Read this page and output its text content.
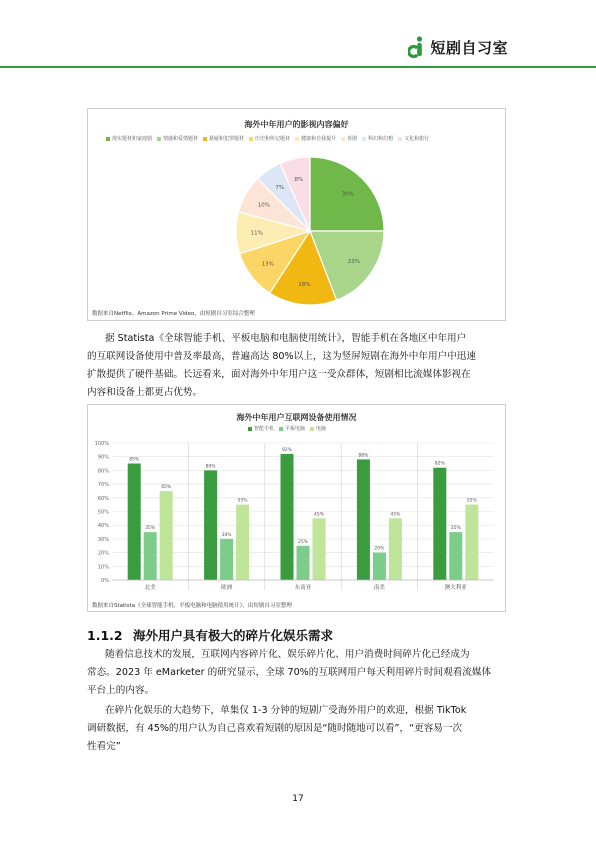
短剧自习室
海外中年用户的影视内容偏好
现实题材和家庭剧 情感和爱情题材 悬疑和犯罪题材 历史和传记题材 健康和自我提升 喜剧 科幻和幻想 文化和旅行
30%
23%
18%
13%
11%
10%
7%
8%
数据来自Netflix、Amazon Prime Video，由短剧自习室综合整理
据 Statista《全球智能手机、平板电脑和电脑使用统计》，智能手机在各地区中年用户
的互联网设备使用中普及率最高，普遍高达 80%以上，这为竖屏短剧在海外中年用户中迅速
扩散提供了硬件基础。长远看来，面对海外中年用户这一受众群体，短剧相比流媒体影视在
内容和设备上都更占优势。
海外中年用户互联网设备使用情况
智能手机 平板电脑 电脑
0%
10%
20%
30%
40%
50%
60%
70%
80%
90%
100%
85%
35%
65%
北美
80%
30%
55%
欧洲
92%
25%
45%
东南亚
88%
20%
45%
南美
82%
35%
55%
澳大利亚
数据来自Statista《全球智能手机、平板电脑和电脑使用统计》，由短剧自习室整理
1.1.2 海外用户具有极大的碎片化娱乐需求
随着信息技术的发展，互联网内容碎片化、娱乐碎片化、用户消费时间碎片化已经成为
常态。2023 年 eMarketer 的研究显示，全球 70%的互联网用户每天利用碎片时间观看流媒体
平台上的内容。
在碎片化娱乐的大趋势下，单集仅 1-3 分钟的短剧广受海外用户的欢迎，根据 TikTok
调研数据，有 45%的用户认为自己喜欢看短剧的原因是“随时随地可以看”，“更容易一次
性看完”
17
